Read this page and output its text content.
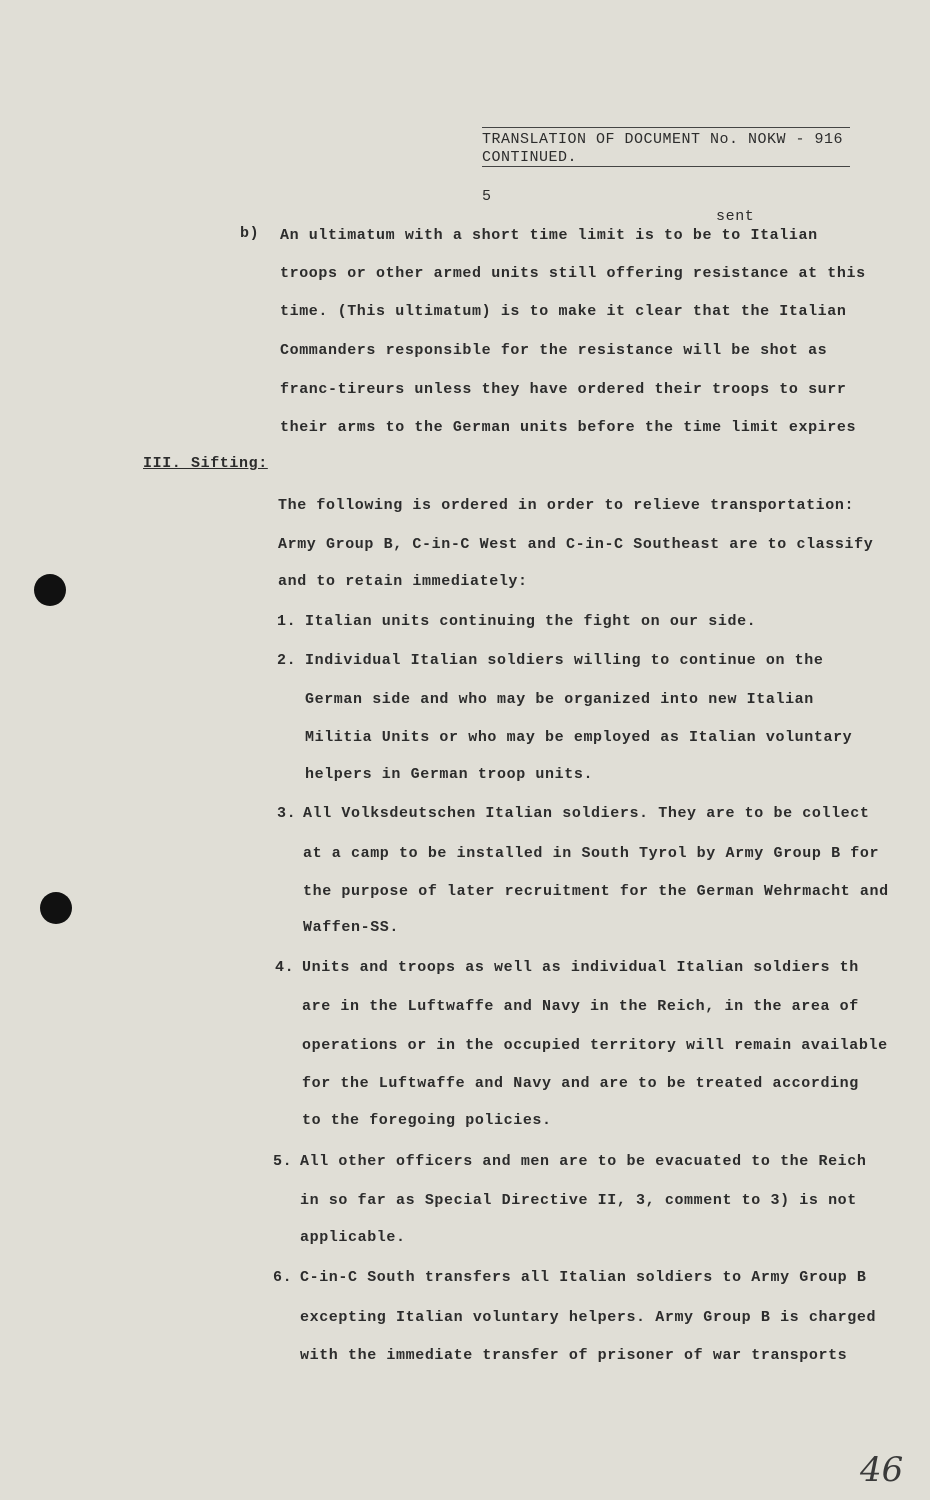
TRANSLATION OF DOCUMENT No. NOKW - 916
CONTINUED.
5
sent
b) An ultimatum with a short time limit is to be to Italian
troops or other armed units still offering resistance at this
time. (This ultimatum) is to make it clear that the Italian
Commanders responsible for the resistance will be shot as
franc-tireurs unless they have ordered their troops to surr
their arms to the German units before the time limit expires
III. Sifting:
The following is ordered in order to relieve transportation:
Army Group B, C-in-C West and C-in-C Southeast are to classify
and to retain immediately:
1. Italian units continuing the fight on our side.
2. Individual Italian soldiers willing to continue on the
German side and who may be organized into new Italian
Militia Units or who may be employed as Italian voluntary
helpers in German troop units.
3. All Volksdeutschen Italian soldiers. They are to be collect
at a camp to be installed in South Tyrol by Army Group B for
the purpose of later recruitment for the German Wehrmacht and
Waffen-SS.
4. Units and troops as well as individual Italian soldiers th
are in the Luftwaffe and Navy in the Reich, in the area of
operations or in the occupied territory will remain available
for the Luftwaffe and Navy and are to be treated according
to the foregoing policies.
5. All other officers and men are to be evacuated to the Reich
in so far as Special Directive II, 3, comment to 3) is not
applicable.
6. C-in-C South transfers all Italian soldiers to Army Group B
excepting Italian voluntary helpers. Army Group B is charged
with the immediate transfer of prisoner of war transports
46
